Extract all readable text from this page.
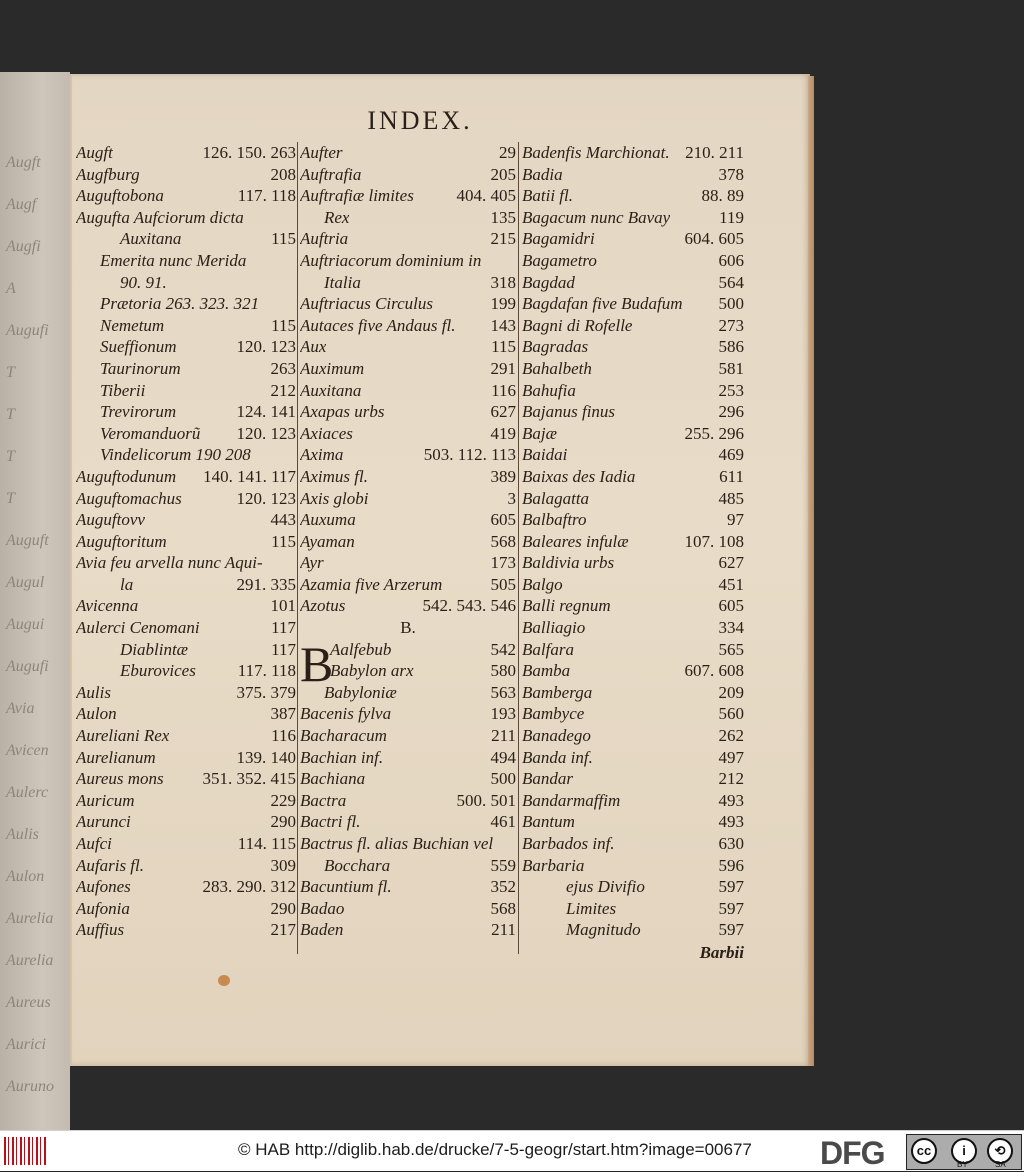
Augft
Augf
Augfi
A
Augufi
T
T
T
T
Auguft
Augul
Augui
Augufi
Avia
Avicen
Aulerc
Aulis
Aulon
Aurelia
Aurelia
Aureus
Aurici
Auruno
INDEX.
Augft	126. 150. 263
Augfburg	208
Auguftobona	117. 118
Augufta Aufciorum dicta
Auxitana	115
Emerita nunc Merida
90. 91.
Prætoria 263. 323. 321
Nemetum	115
Sueffionum	120. 123
Taurinorum	263
Tiberii	212
Trevirorum	124. 141
Veromanduorũ 120. 123
Vindelicorum 190 208
Auguftodunum 140. 141. 117
Auguftomachus	120. 123
Auguftovv	443
Auguftoritum	115
Avia feu arvella nunc Aqui-
la	291. 335
Avicenna	101
Aulerci Cenomani	117
Diablintæ	117
Eburovices 117. 118
Aulis	375. 379
Aulon	387
Aureliani Rex	116
Aurelianum	139. 140
Aureus mons 351. 352. 415
Auricum	229
Aurunci	290
Aufci	114. 115
Aufaris fl.	309
Aufones	283. 290. 312
Aufonia	290
Auffius	217
Aufter	29
Auftrafia	205
Auftrafiæ limites	404. 405
Rex	135
Auftria	215
Auftriacorum dominium in
Italia	318
Auftriacus Circulus	199
Autaces five Andaus fl. 143
Aux	115
Auximum	291
Auxitana	116
Axapas urbs	627
Axiaces	419
Axima	503. 112. 113
Aximus fl.	389
Axis globi	3
Auxuma	605
Ayaman	568
Ayr	173
Azamia five Arzerum	505
Azotus	542. 543. 546
B.
B
Aalfebub	542
Babylon arx	580
Babyloniæ	563
Bacenis fylva	193
Bacharacum	211
Bachian inf.	494
Bachiana	500
Bactra	500. 501
Bactri fl.	461
Bactrus fl. alias Buchian vel
Bocchara	559
Bacuntium fl.	352
Badao	568
Baden	211
Badenfis Marchionat. 210. 211
Badia	378
Batii fl.	88. 89
Bagacum nunc Bavay	119
Bagamidri	604. 605
Bagametro	606
Bagdad	564
Bagdafan five Budafum 500
Bagni di Rofelle	273
Bagradas	586
Bahalbeth	581
Bahufia	253
Bajanus finus	296
Bajæ	255. 296
Baidai	469
Baixas des Iadia	611
Balagatta	485
Balbaftro	97
Baleares infulæ	107. 108
Baldivia urbs	627
Balgo	451
Balli regnum	605
Balliagio	334
Balfara	565
Bamba	607. 608
Bamberga	209
Bambyce	560
Banadego	262
Banda inf.	497
Bandar	212
Bandarmaffim	493
Bantum	493
Barbados inf.	630
Barbaria	596
ejus Divifio	597
Limites	597
Magnitudo	597
Barbii
© HAB http://diglib.hab.de/drucke/7-5-geogr/start.htm?image=00677 DFG	cc	i	⟲
BY	SA
